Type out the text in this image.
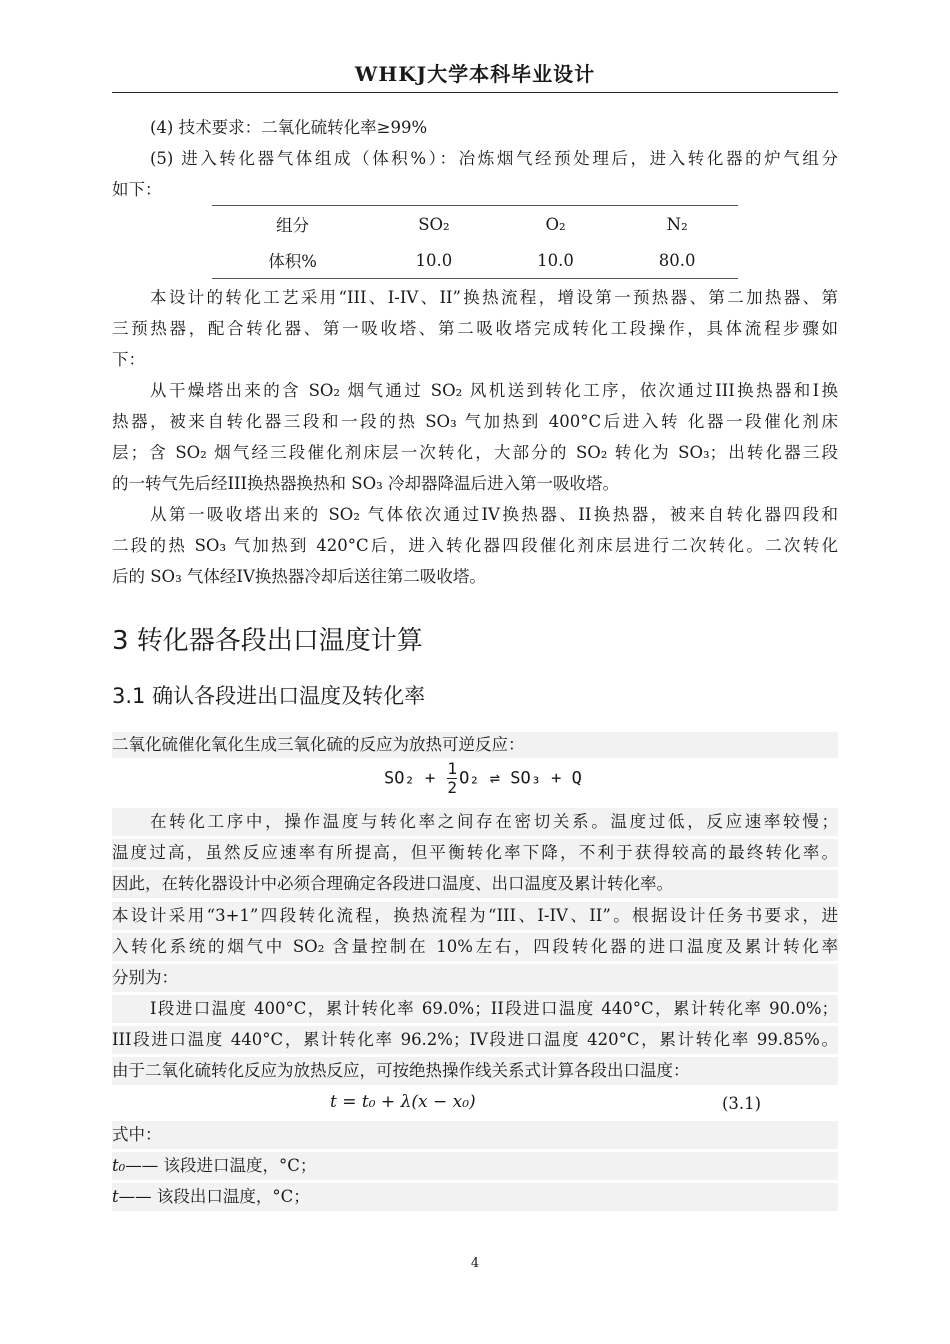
WHKJ大学本科毕业设计
(4) 技术要求：二氧化硫转化率≥99%
(5) 进入转化器气体组成（体积%）：冶炼烟气经预处理后，进入转化器的炉气组分
如下：
组分	SO₂	O₂	N₂
体积%	10.0	10.0	80.0
本设计的转化工艺采用“III、I-IV、II”换热流程，增设第一预热器、第二加热器、第
三预热器，配合转化器、第一吸收塔、第二吸收塔完成转化工段操作，具体流程步骤如
下：
从干燥塔出来的含 SO₂ 烟气通过 SO₂ 风机送到转化工序，依次通过III换热器和I换
热器，被来自转化器三段和一段的热 SO₃ 气加热到 400°C后进入转 化器一段催化剂床
层；含 SO₂ 烟气经三段催化剂床层一次转化，大部分的 SO₂ 转化为 SO₃；出转化器三段
的一转气先后经III换热器换热和 SO₃ 冷却器降温后进入第一吸收塔。
从第一吸收塔出来的 SO₂ 气体依次通过IV换热器、II换热器，被来自转化器四段和
二段的热 SO₃ 气加热到 420°C后，进入转化器四段催化剂床层进行二次转化。二次转化
后的 SO₃ 气体经IV换热器冷却后送往第二吸收塔。
3 转化器各段出口温度计算
3.1 确认各段进出口温度及转化率
二氧化硫催化氧化生成三氧化硫的反应为放热可逆反应：
$SO_2 + \frac{1}{2} O_2$ ⇌ SO₃ + Q
在转化工序中，操作温度与转化率之间存在密切关系。温度过低，反应速率较慢；
温度过高，虽然反应速率有所提高，但平衡转化率下降，不利于获得较高的最终转化率。
因此，在转化器设计中必须合理确定各段进口温度、出口温度及累计转化率。
本设计采用“3+1”四段转化流程，换热流程为“III、I-IV、II”。根据设计任务书要求，进
入转化系统的烟气中 SO₂ 含量控制在 10%左右，四段转化器的进口温度及累计转化率
分别为：
I段进口温度 400°C，累计转化率 69.0%；II段进口温度 440°C，累计转化率 90.0%；
III段进口温度 440°C，累计转化率 96.2%；IV段进口温度 420°C，累计转化率 99.85%。
由于二氧化硫转化反应为放热反应，可按绝热操作线关系式计算各段出口温度：
t = t₀ + λ(x − x₀)	(3.1)
式中：
t₀—— 该段进口温度，°C；
t—— 该段出口温度，°C；
4
